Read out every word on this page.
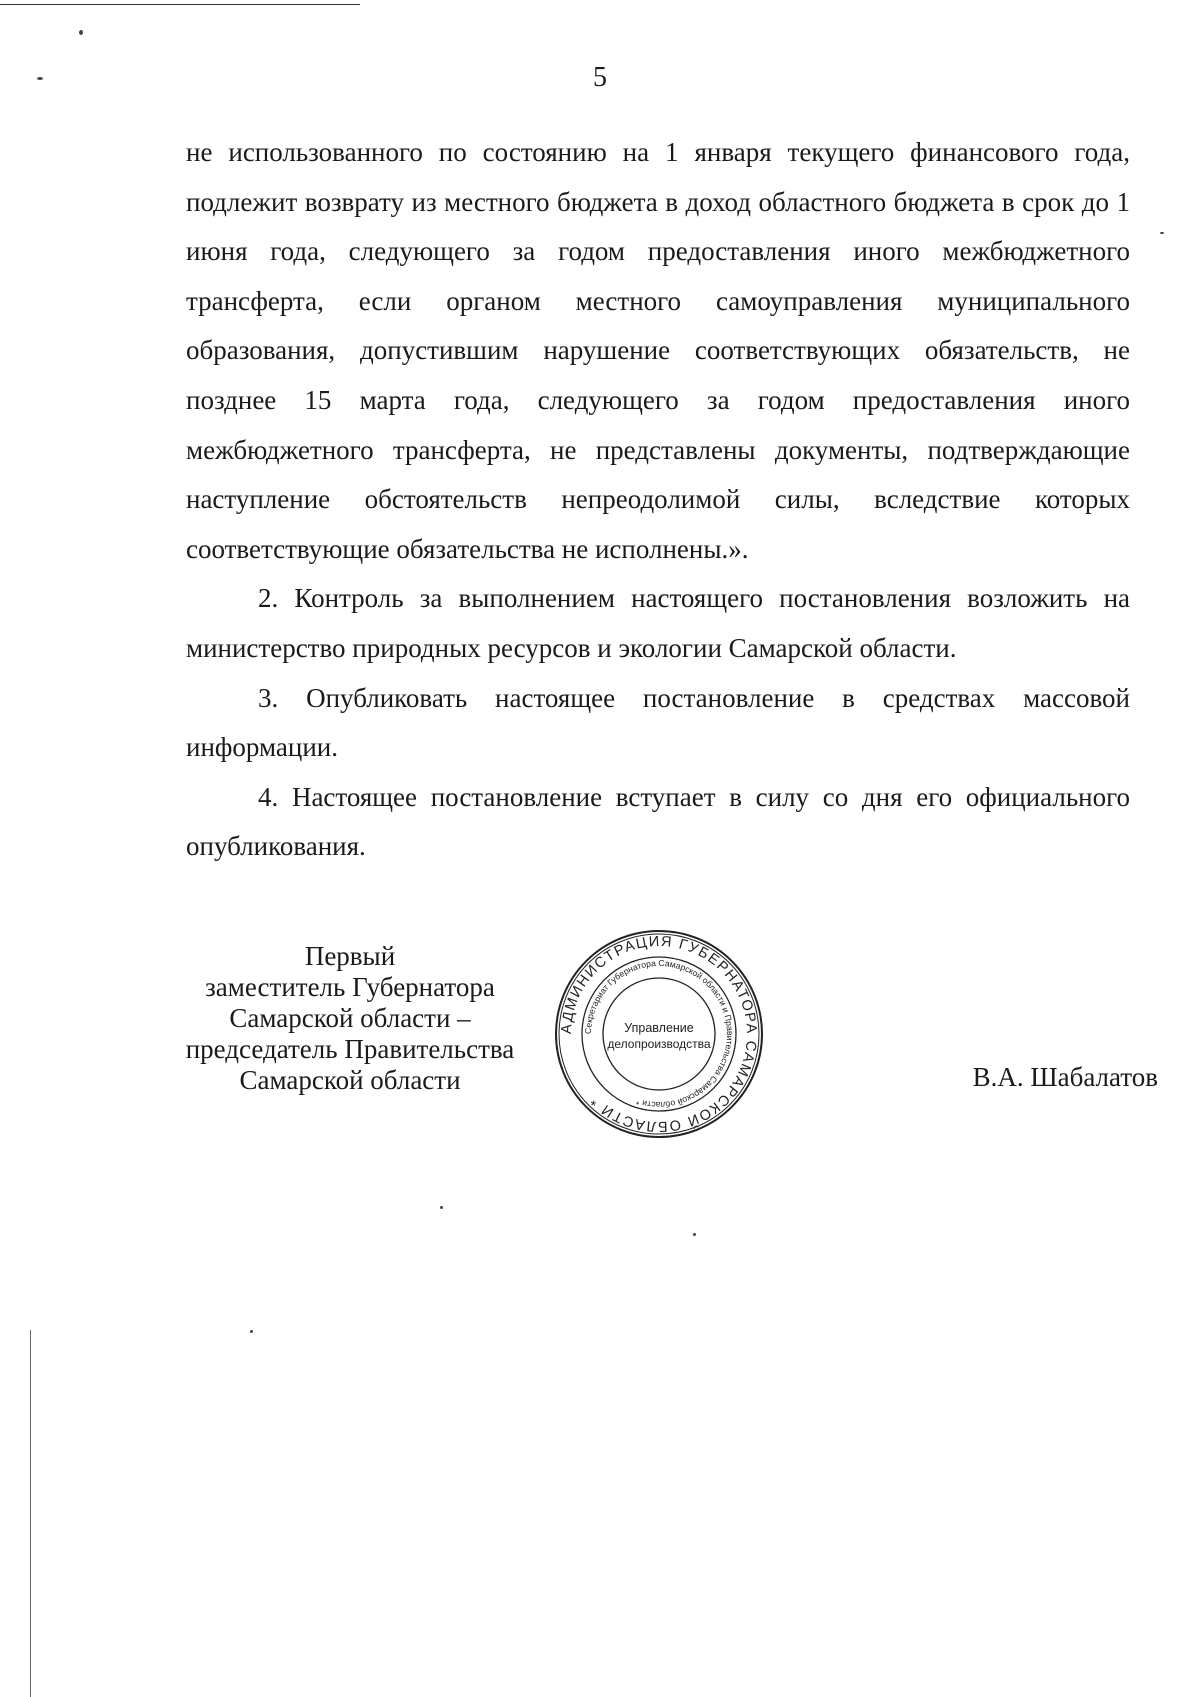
5

не использованного по состоянию на 1 января текущего финансового года, подлежит возврату из местного бюджета в доход областного бюджета в срок до 1 июня года, следующего за годом предоставления иного межбюджетного трансферта, если органом местного самоуправления муниципального образования, допустившим нарушение соответствующих обязательств, не позднее 15 марта года, следующего за годом предоставления иного межбюджетного трансферта, не представлены документы, подтверждающие наступление обстоятельств непреодолимой силы, вследствие которых соответствующие обязательства не исполнены.».

2. Контроль за выполнением настоящего постановления возложить на министерство природных ресурсов и экологии Самарской области.

3. Опубликовать настоящее постановление в средствах массовой информации.

4. Настоящее постановление вступает в силу со дня его официального опубликования.

Первый
заместитель Губернатора
Самарской области –
председатель Правительства
Самарской области
АДМИНИСТРАЦИЯ ГУБЕРНАТОРА САМАРСКОЙ ОБЛАСТИ *
Секретариат Губернатора Самарской области и Правительства Самарской области *
Управление
делопроизводства
В.А. Шабалатов
